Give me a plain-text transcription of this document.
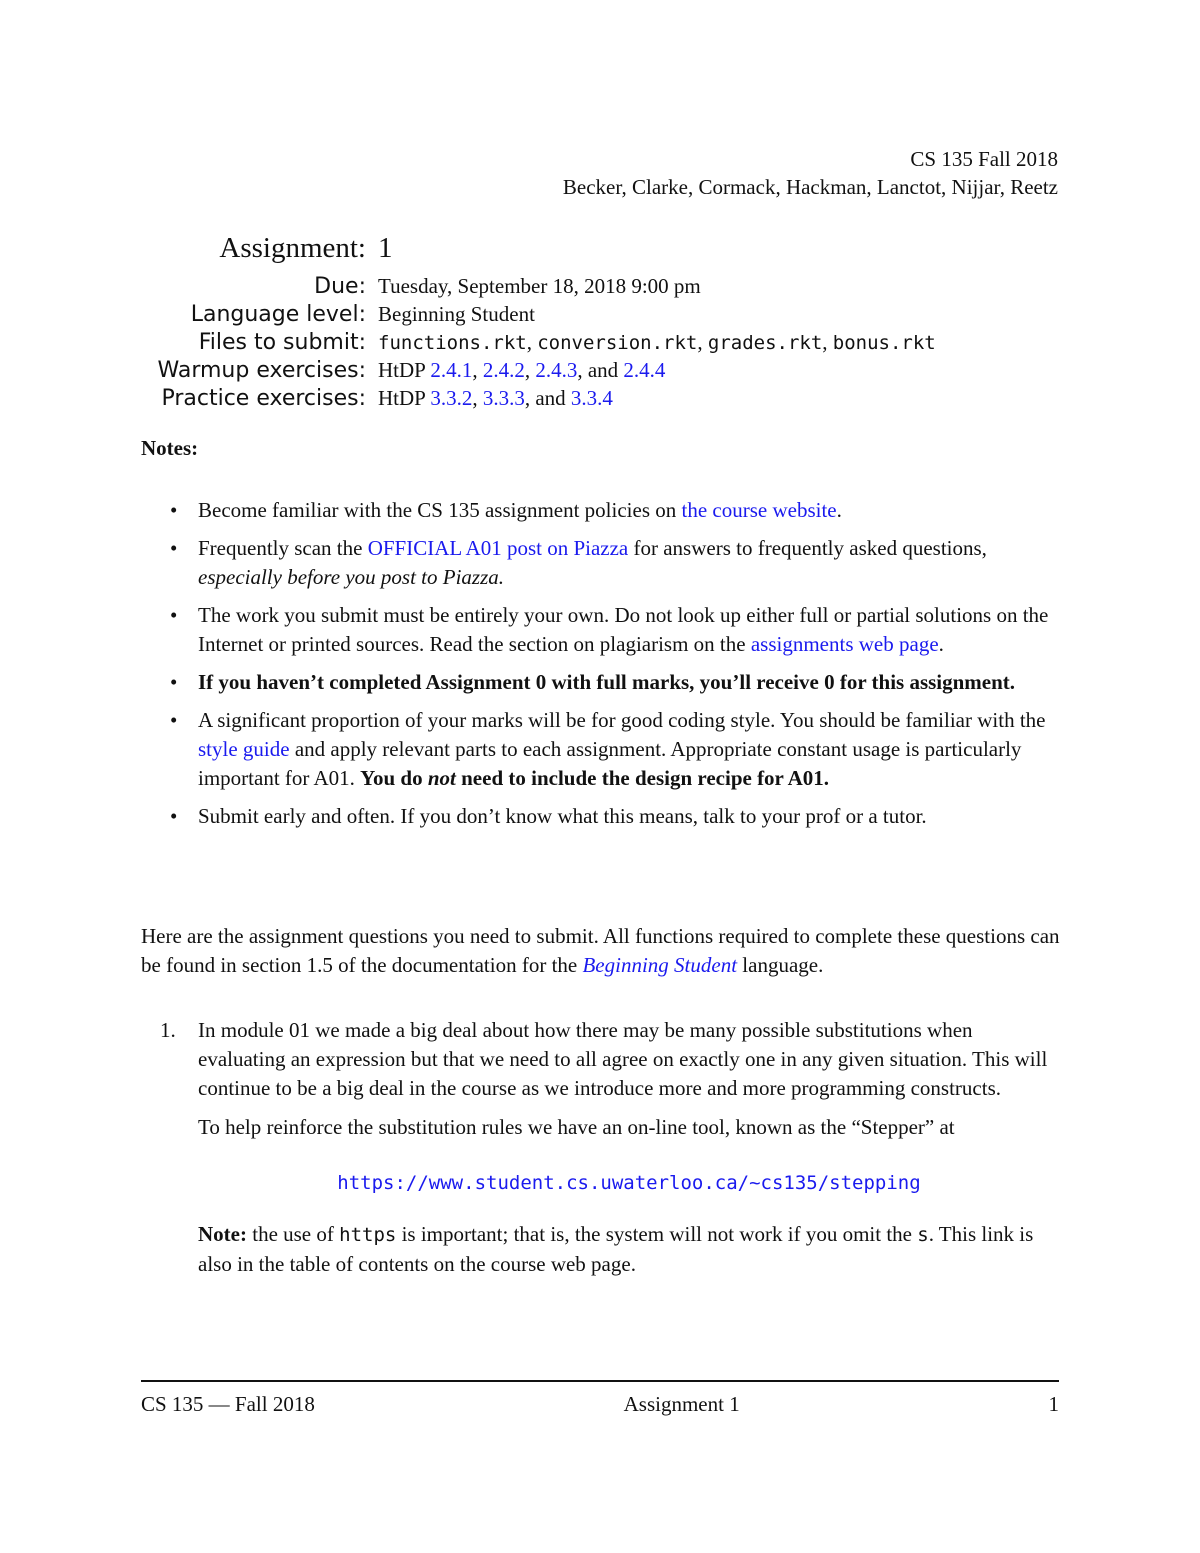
CS 135 Fall 2018
Becker, Clarke, Cormack, Hackman, Lanctot, Nijjar, Reetz
Assignment: 1
Due: Tuesday, September 18, 2018 9:00 pm
Language level: Beginning Student
Files to submit: functions.rkt, conversion.rkt, grades.rkt, bonus.rkt
Warmup exercises: HtDP 2.4.1, 2.4.2, 2.4.3, and 2.4.4
Practice exercises: HtDP 3.3.2, 3.3.3, and 3.3.4
Notes:
• Become familiar with the CS 135 assignment policies on the course website.
• Frequently scan the OFFICIAL A01 post on Piazza for answers to frequently asked questions, especially before you post to Piazza.
• The work you submit must be entirely your own. Do not look up either full or partial solutions on the Internet or printed sources. Read the section on plagiarism on the assignments web page.
• If you haven’t completed Assignment 0 with full marks, you’ll receive 0 for this assignment.
• A significant proportion of your marks will be for good coding style. You should be familiar with the style guide and apply relevant parts to each assignment. Appropriate constant usage is particularly important for A01. You do not need to include the design recipe for A01.
• Submit early and often. If you don’t know what this means, talk to your prof or a tutor.
Here are the assignment questions you need to submit. All functions required to complete these questions can be found in section 1.5 of the documentation for the Beginning Student language.
1. In module 01 we made a big deal about how there may be many possible substitutions when evaluating an expression but that we need to all agree on exactly one in any given situation. This will continue to be a big deal in the course as we introduce more and more programming constructs.

To help reinforce the substitution rules we have an on-line tool, known as the “Stepper” at

https://www.student.cs.uwaterloo.ca/~cs135/stepping

Note: the use of https is important; that is, the system will not work if you omit the s. This link is also in the table of contents on the course web page.

CS 135 — Fall 2018	Assignment 1	1
